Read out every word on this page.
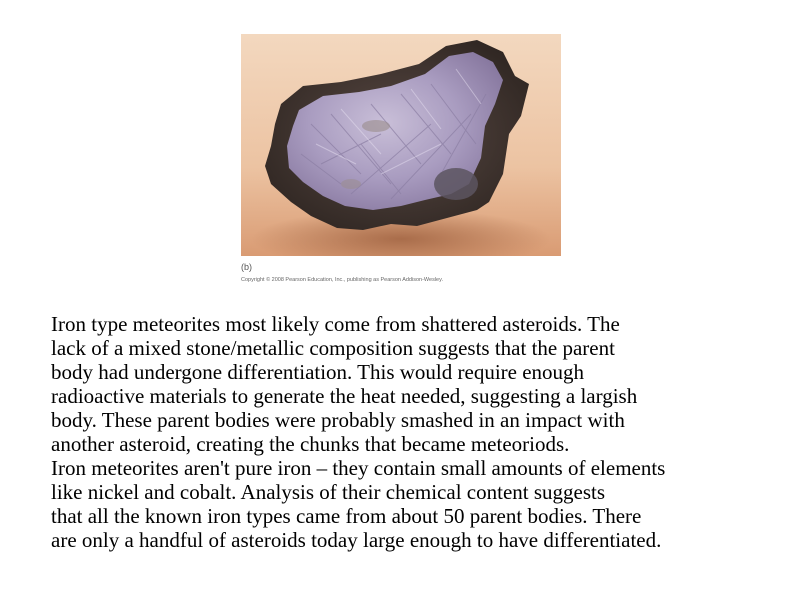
(b)
Copyright © 2008 Pearson Education, Inc., publishing as Pearson Addison-Wesley.
Iron type meteorites most likely come from shattered asteroids. The
lack of a mixed stone/metallic composition suggests that the parent
body had undergone differentiation. This would require enough
radioactive materials to generate the heat needed, suggesting a largish
body. These parent bodies were probably smashed in an impact with
another asteroid, creating the chunks that became meteoriods.
Iron meteorites aren't pure iron – they contain small amounts of elements
like nickel and cobalt. Analysis of their chemical content suggests
that all the known iron types came from about 50 parent bodies. There
are only a handful of asteroids today large enough to have differentiated.
